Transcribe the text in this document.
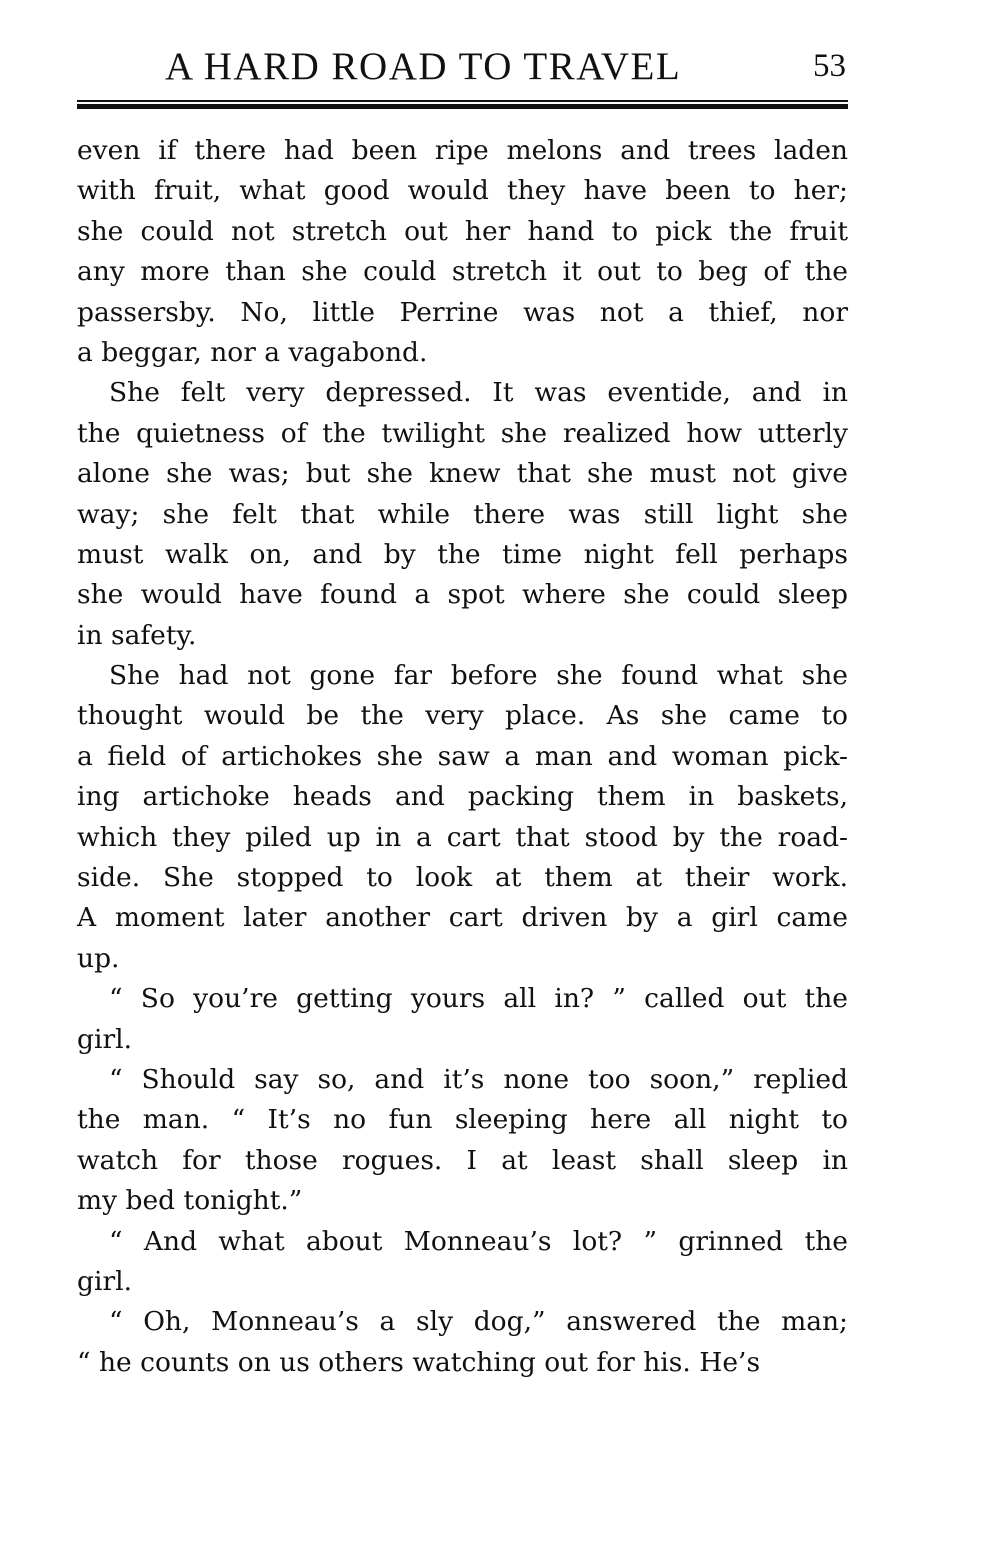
A HARD ROAD TO TRAVEL	53
even if there had been ripe melons and trees laden
with fruit, what good would they have been to her;
she could not stretch out her hand to pick the fruit
any more than she could stretch it out to beg of the
passersby. No, little Perrine was not a thief, nor
a beggar, nor a vagabond.
She felt very depressed. It was eventide, and in
the quietness of the twilight she realized how utterly
alone she was; but she knew that she must not give
way; she felt that while there was still light she
must walk on, and by the time night fell perhaps
she would have found a spot where she could sleep
in safety.
She had not gone far before she found what she
thought would be the very place. As she came to
a field of artichokes she saw a man and woman pick-
ing artichoke heads and packing them in baskets,
which they piled up in a cart that stood by the road-
side. She stopped to look at them at their work.
A moment later another cart driven by a girl came
up.
“ So you’re getting yours all in? ” called out the
girl.
“ Should say so, and it’s none too soon,” replied
the man. “ It’s no fun sleeping here all night to
watch for those rogues. I at least shall sleep in
my bed tonight.”
“ And what about Monneau’s lot? ” grinned the
girl.
“ Oh, Monneau’s a sly dog,” answered the man;
“ he counts on us others watching out for his. He’s
